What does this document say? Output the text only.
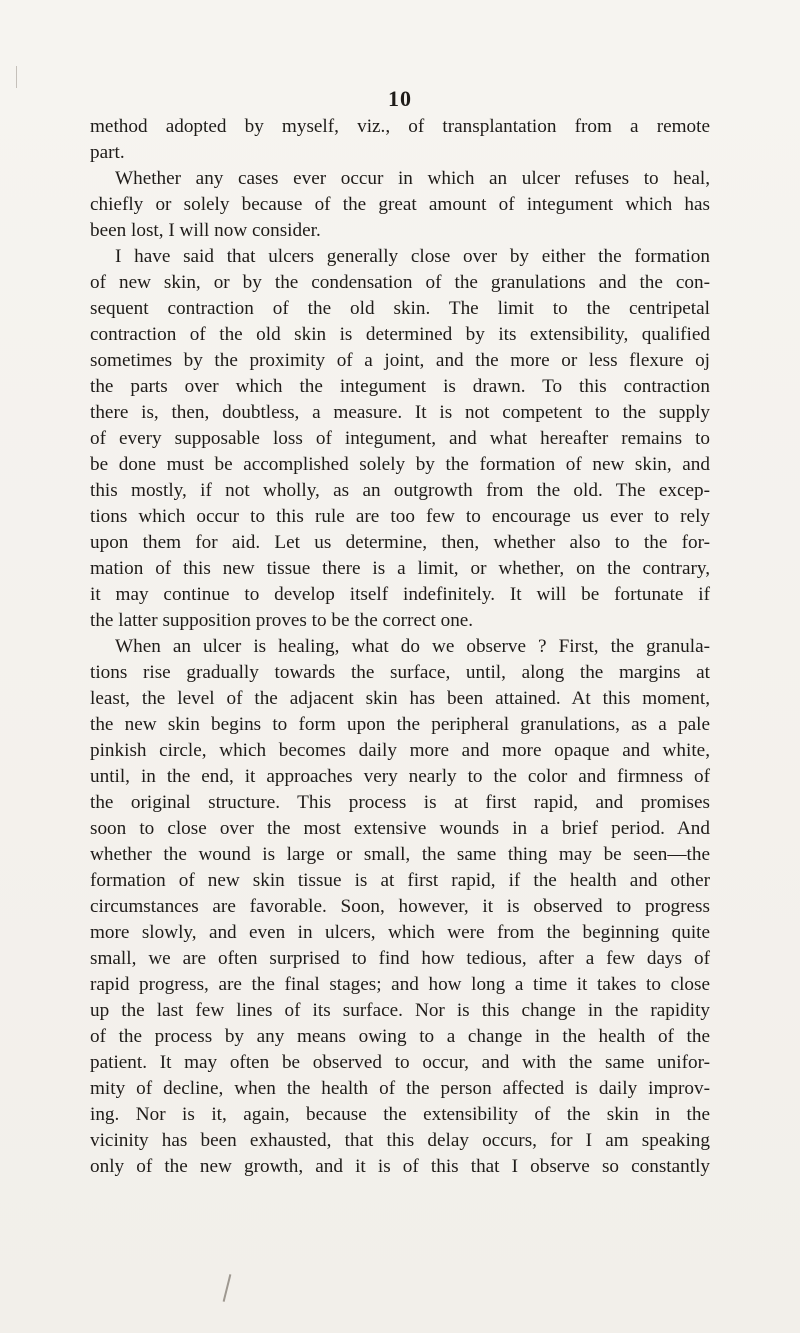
10
method adopted by myself, viz., of transplantation from a remote
part.
Whether any cases ever occur in which an ulcer refuses to heal,
chiefly or solely because of the great amount of integument which has
been lost, I will now consider.
I have said that ulcers generally close over by either the formation
of new skin, or by the condensation of the granulations and the con-
sequent contraction of the old skin. The limit to the centripetal
contraction of the old skin is determined by its extensibility, qualified
sometimes by the proximity of a joint, and the more or less flexure oj
the parts over which the integument is drawn. To this contraction
there is, then, doubtless, a measure. It is not competent to the supply
of every supposable loss of integument, and what hereafter remains to
be done must be accomplished solely by the formation of new skin, and
this mostly, if not wholly, as an outgrowth from the old. The excep-
tions which occur to this rule are too few to encourage us ever to rely
upon them for aid. Let us determine, then, whether also to the for-
mation of this new tissue there is a limit, or whether, on the contrary,
it may continue to develop itself indefinitely. It will be fortunate if
the latter supposition proves to be the correct one.
When an ulcer is healing, what do we observe ? First, the granula-
tions rise gradually towards the surface, until, along the margins at
least, the level of the adjacent skin has been attained. At this moment,
the new skin begins to form upon the peripheral granulations, as a pale
pinkish circle, which becomes daily more and more opaque and white,
until, in the end, it approaches very nearly to the color and firmness of
the original structure. This process is at first rapid, and promises
soon to close over the most extensive wounds in a brief period. And
whether the wound is large or small, the same thing may be seen—the
formation of new skin tissue is at first rapid, if the health and other
circumstances are favorable. Soon, however, it is observed to progress
more slowly, and even in ulcers, which were from the beginning quite
small, we are often surprised to find how tedious, after a few days of
rapid progress, are the final stages; and how long a time it takes to close
up the last few lines of its surface. Nor is this change in the rapidity
of the process by any means owing to a change in the health of the
patient. It may often be observed to occur, and with the same unifor-
mity of decline, when the health of the person affected is daily improv-
ing. Nor is it, again, because the extensibility of the skin in the
vicinity has been exhausted, that this delay occurs, for I am speaking
only of the new growth, and it is of this that I observe so constantly
